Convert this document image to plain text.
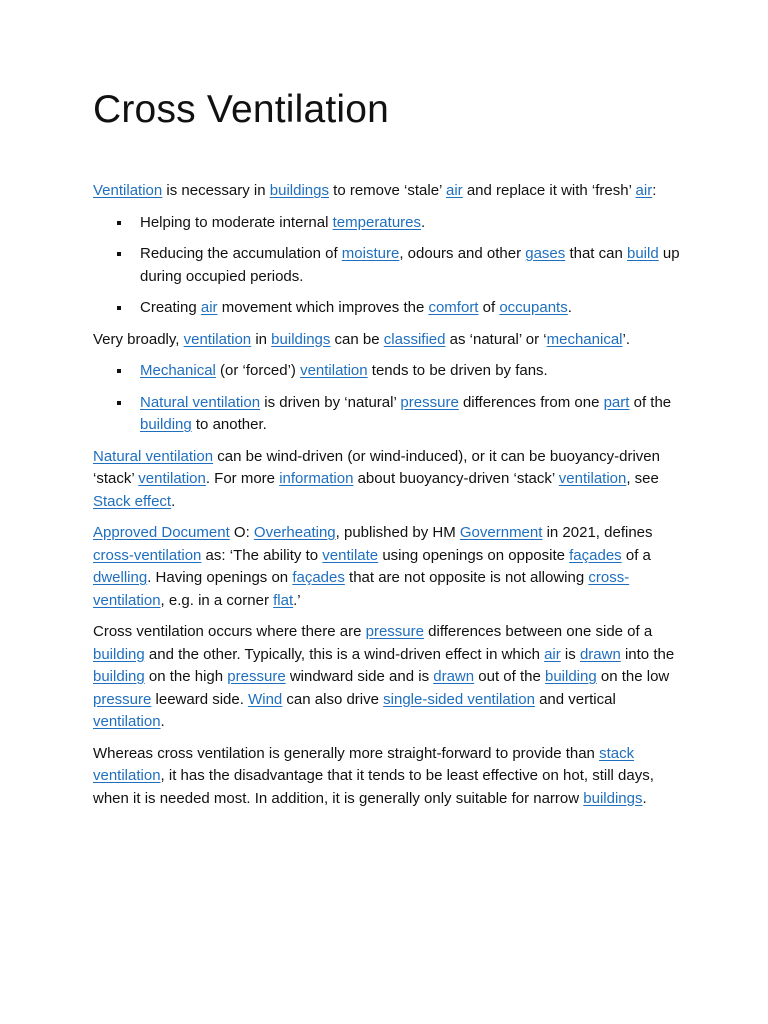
Cross Ventilation

Ventilation is necessary in buildings to remove ‘stale’ air and replace it with ‘fresh’ air:

Helping to moderate internal temperatures.
Reducing the accumulation of moisture, odours and other gases that can build up during occupied periods.
Creating air movement which improves the comfort of occupants.

Very broadly, ventilation in buildings can be classified as ‘natural’ or ‘mechanical’.

Mechanical (or ‘forced’) ventilation tends to be driven by fans.
Natural ventilation is driven by ‘natural’ pressure differences from one part of the building to another.

Natural ventilation can be wind-driven (or wind-induced), or it can be buoyancy-driven ‘stack’ ventilation. For more information about buoyancy-driven ‘stack’ ventilation, see Stack effect.

Approved Document O: Overheating, published by HM Government in 2021, defines cross-ventilation as: ‘The ability to ventilate using openings on opposite façades of a dwelling. Having openings on façades that are not opposite is not allowing cross-ventilation, e.g. in a corner flat.’

Cross ventilation occurs where there are pressure differences between one side of a building and the other. Typically, this is a wind-driven effect in which air is drawn into the building on the high pressure windward side and is drawn out of the building on the low pressure leeward side. Wind can also drive single-sided ventilation and vertical ventilation.

Whereas cross ventilation is generally more straight-forward to provide than stack ventilation, it has the disadvantage that it tends to be least effective on hot, still days, when it is needed most. In addition, it is generally only suitable for narrow buildings.
